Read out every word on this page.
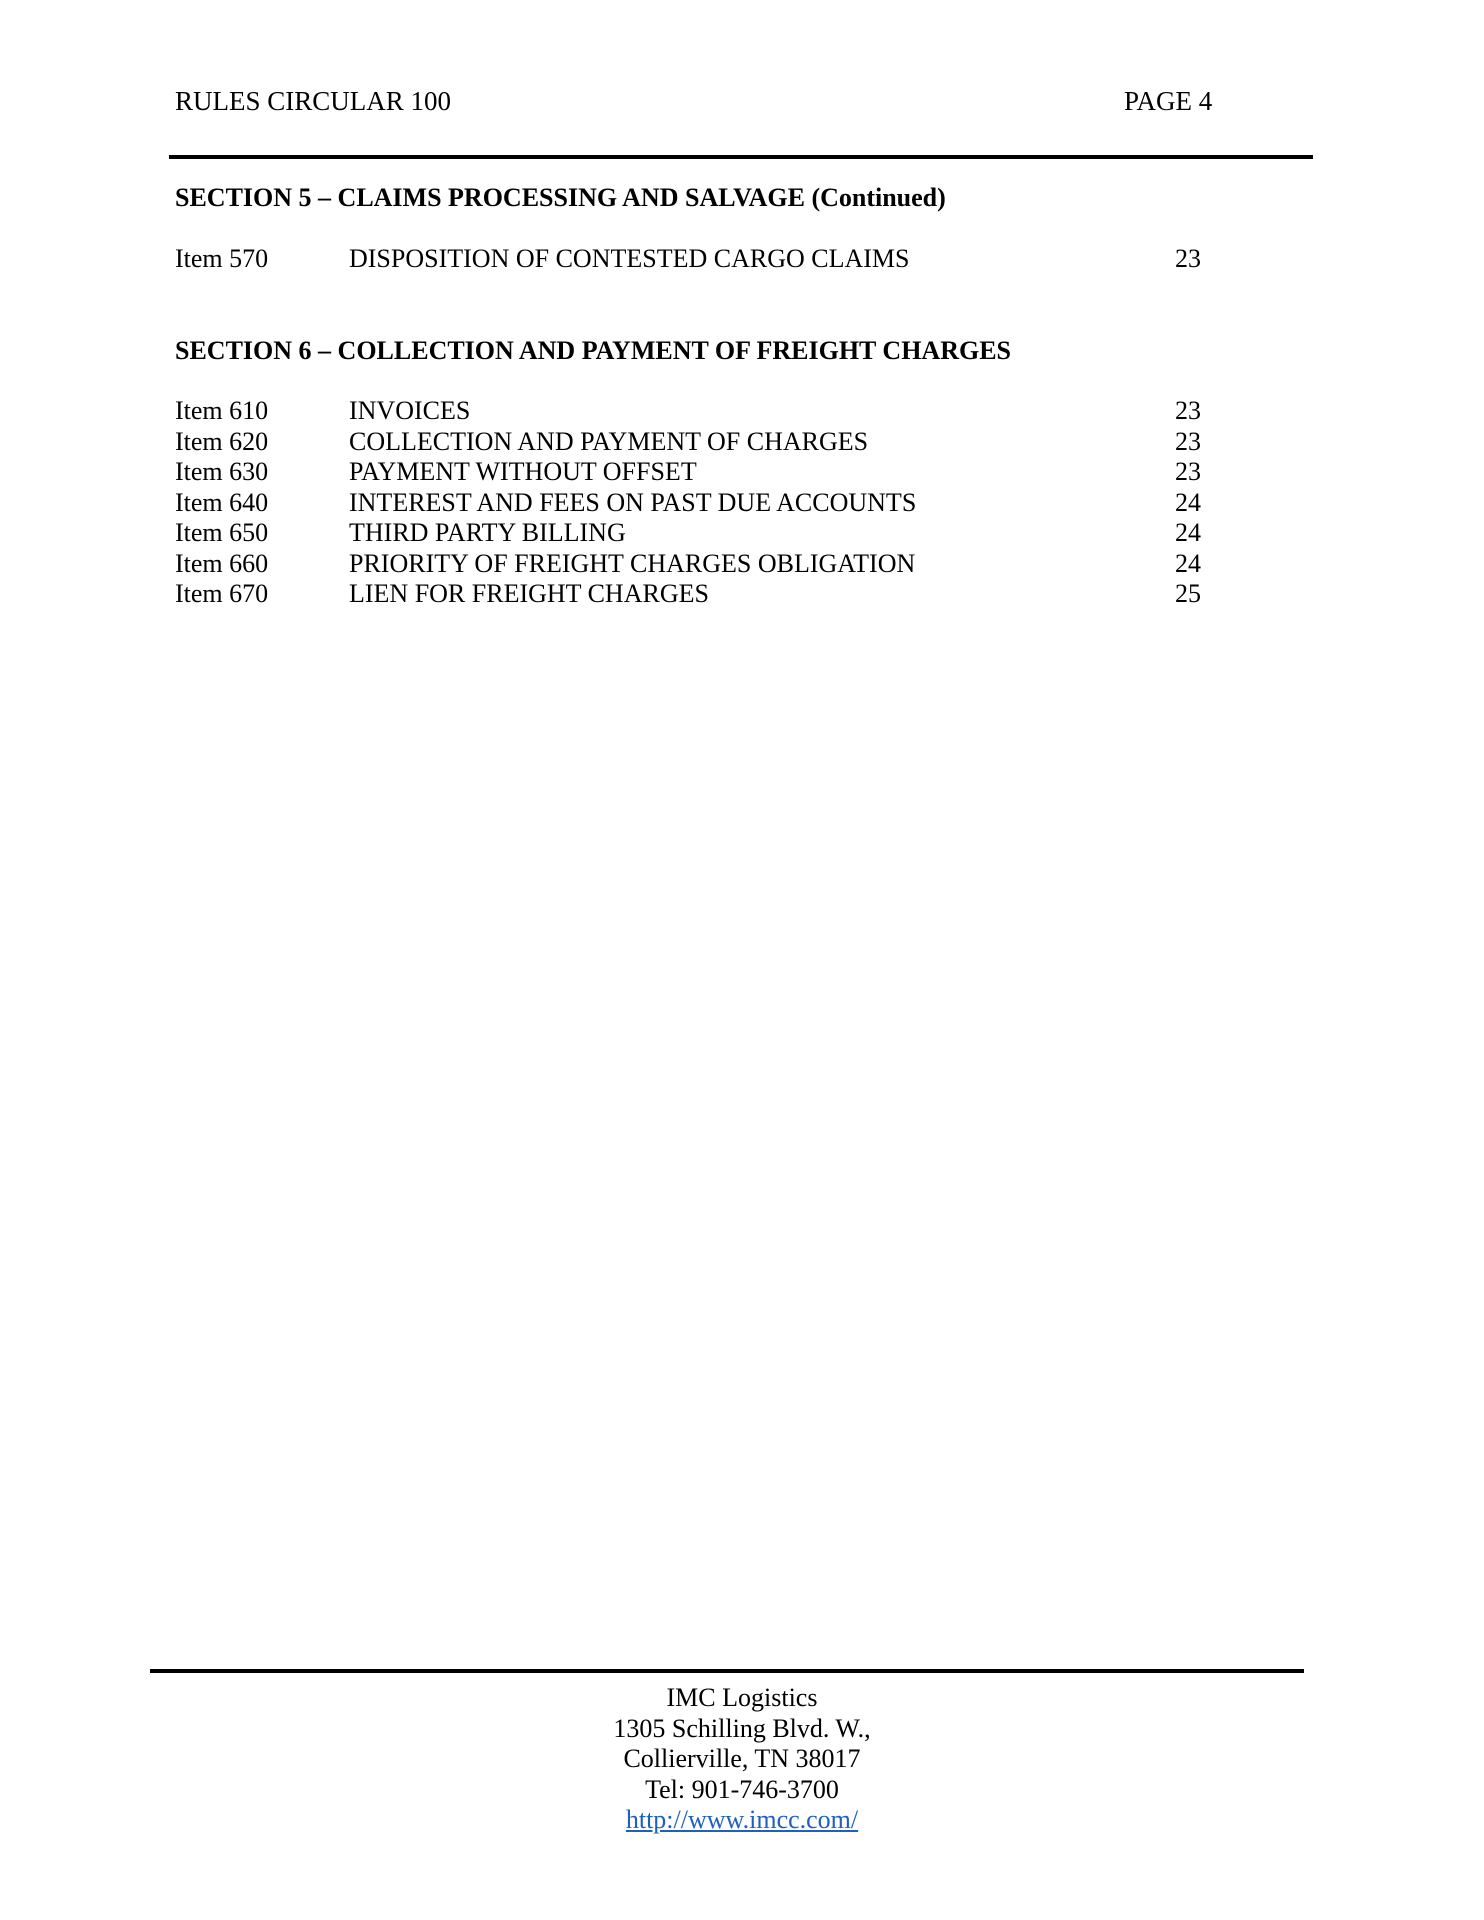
RULES CIRCULAR 100	PAGE 4
SECTION 5 – CLAIMS PROCESSING AND SALVAGE (Continued)
Item 570	DISPOSITION OF CONTESTED CARGO CLAIMS	23
SECTION 6 – COLLECTION AND PAYMENT OF FREIGHT CHARGES
Item 610	INVOICES	23
Item 620	COLLECTION AND PAYMENT OF CHARGES	23
Item 630	PAYMENT WITHOUT OFFSET	23
Item 640	INTEREST AND FEES ON PAST DUE ACCOUNTS	24
Item 650	THIRD PARTY BILLING	24
Item 660	PRIORITY OF FREIGHT CHARGES OBLIGATION	24
Item 670	LIEN FOR FREIGHT CHARGES	25
IMC Logistics
1305 Schilling Blvd. W.,
Collierville, TN 38017
Tel: 901-746-3700
http://www.imcc.com/
